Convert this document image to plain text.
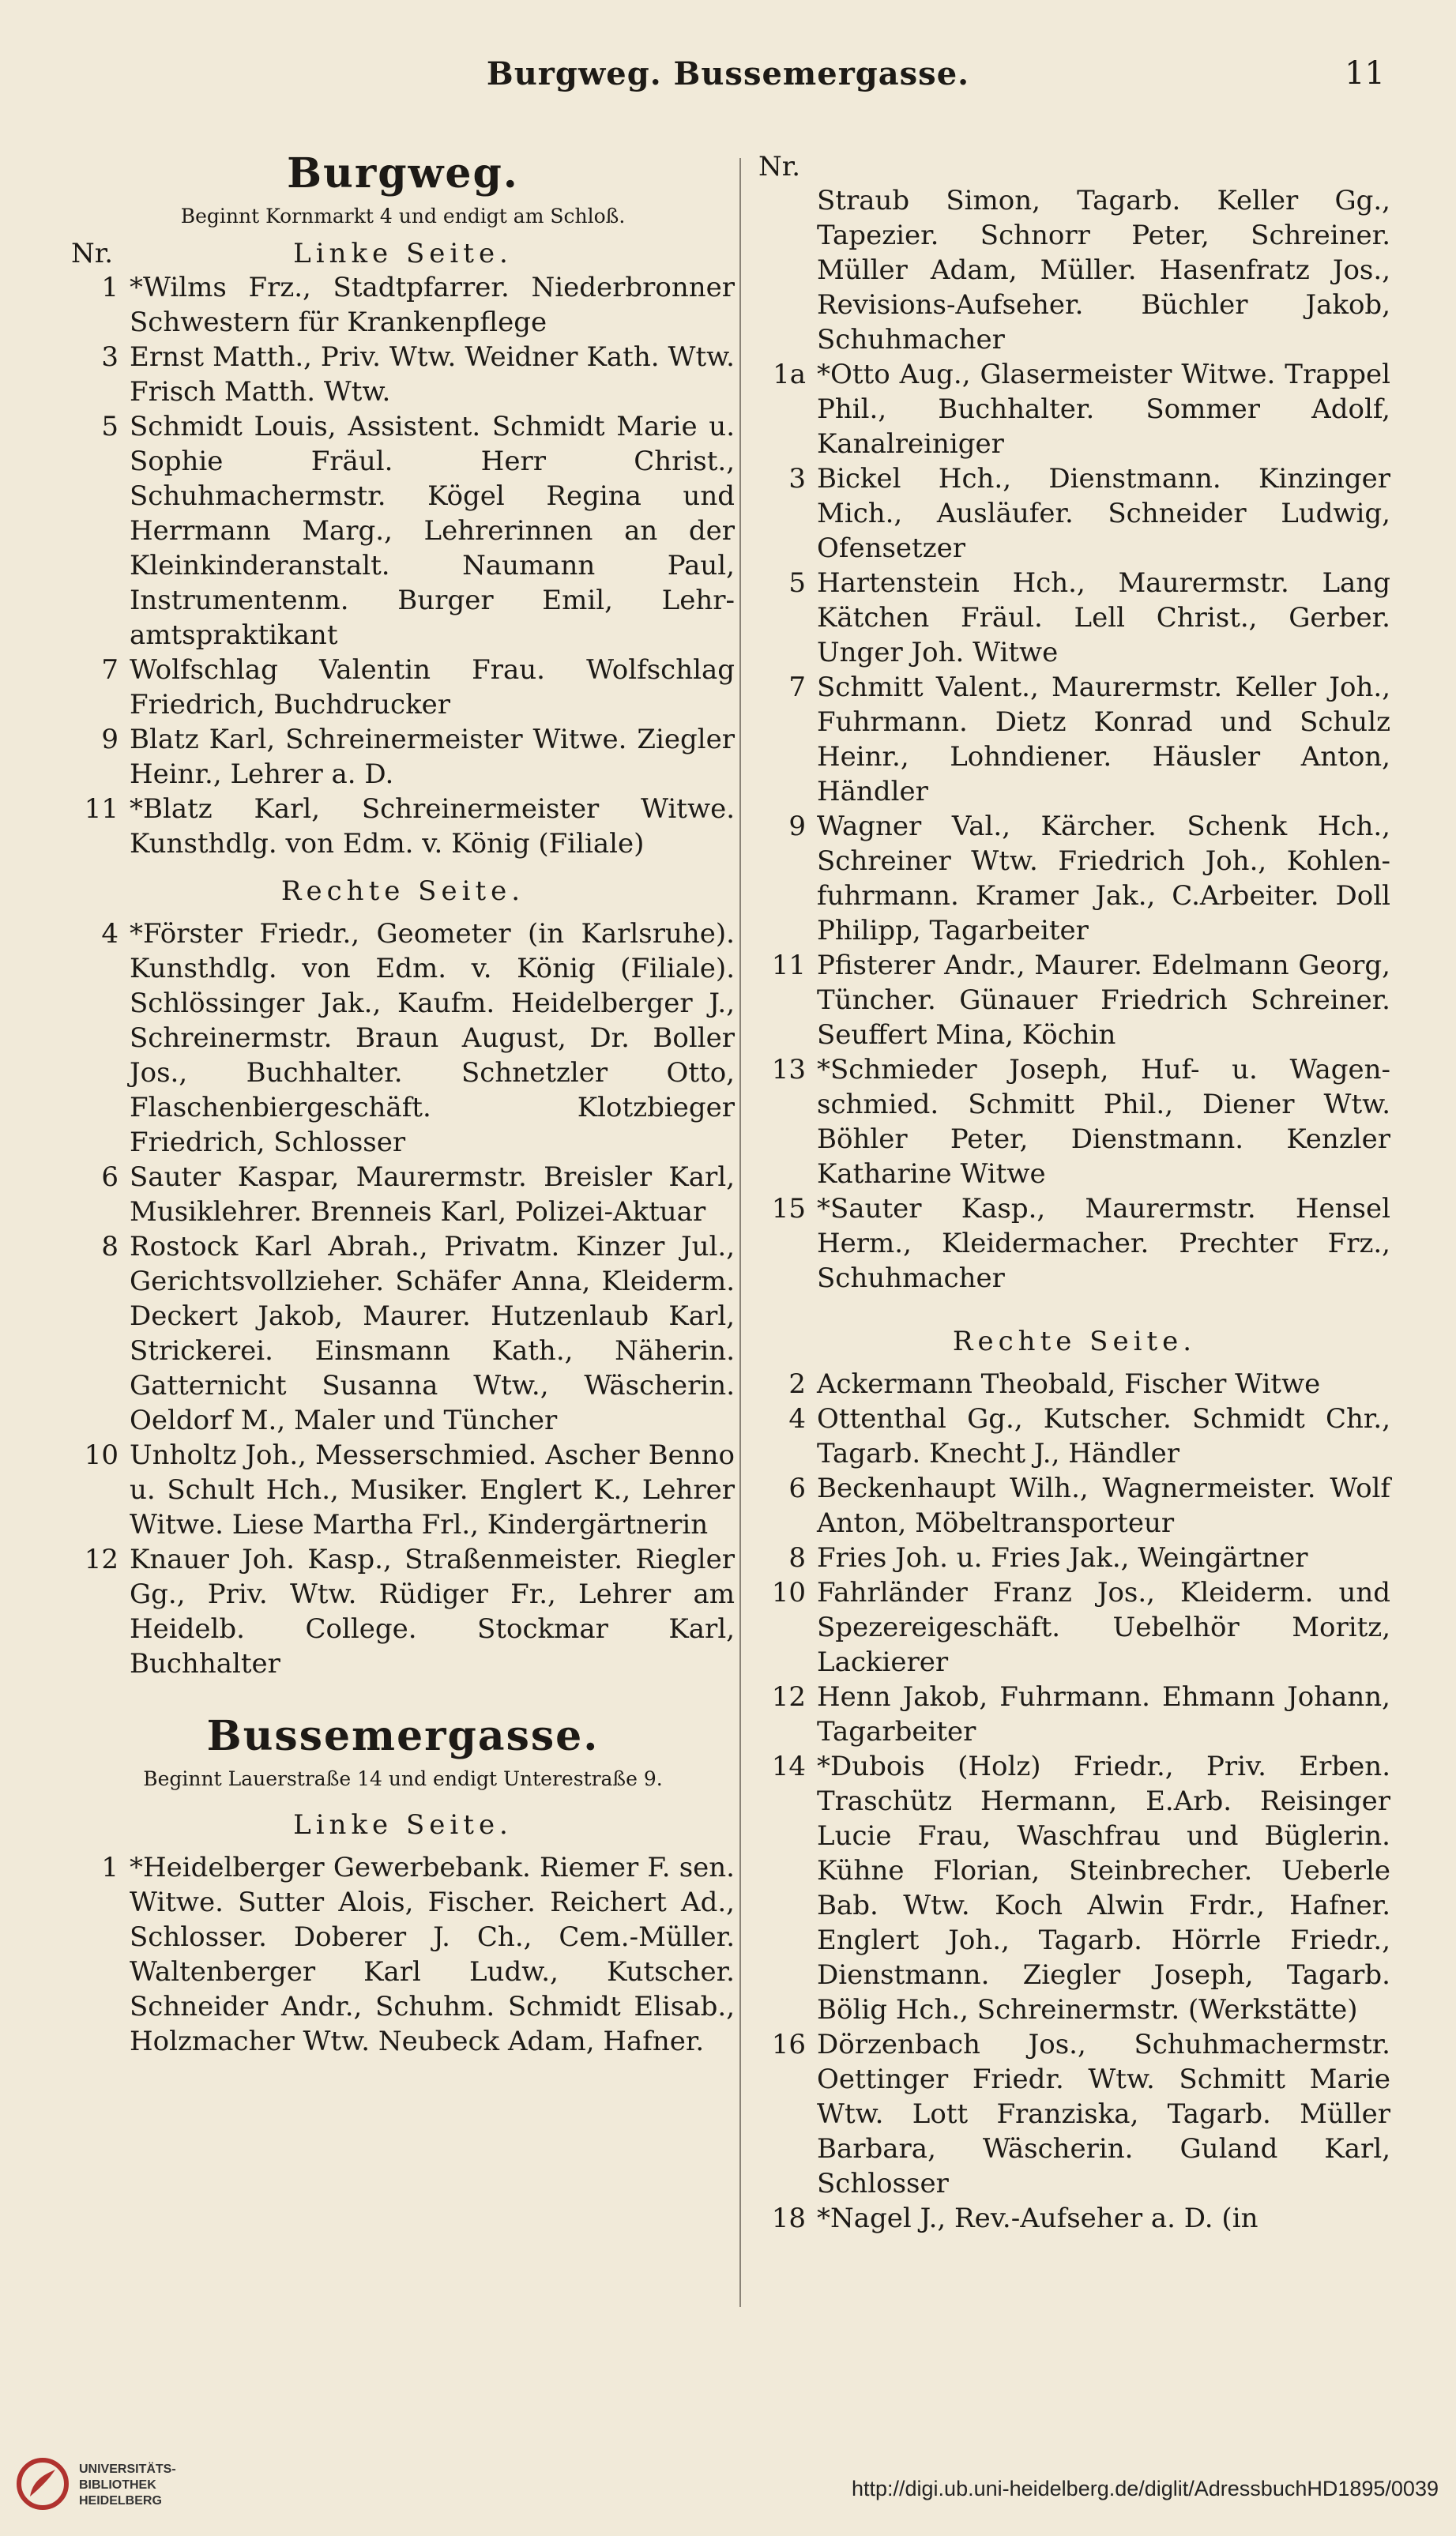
Burgweg. Bussemergasse.	11
Burgweg.
Beginnt Kornmarkt 4 und endigt am Schloß.
Nr.	Linke Seite.
1 *Wilms Frz., Stadtpfarrer. Niederbronner Schwestern für Krankenpflege
3 Ernst Matth., Priv. Wtw. Weidner Kath. Wtw. Frisch Matth. Wtw.
5 Schmidt Louis, Assistent. Schmidt Marie u. Sophie Fräul. Herr Christ., Schuhmachermstr. Kögel Regina und Herrmann Marg., Lehrerinnen an der Kleinkinderanstalt. Naumann Paul, Instrumentenm. Burger Emil, Lehramtspraktikant
7 Wolfschlag Valentin Frau. Wolfschlag Friedrich, Buchdrucker
9 Blatz Karl, Schreinermeister Witwe. Ziegler Heinr., Lehrer a. D.
11 *Blatz Karl, Schreinermeister Witwe. Kunsthdlg. von Edm. v. König (Filiale)
Rechte Seite.
4 *Förster Friedr., Geometer (in Karlsruhe). Kunsthdlg. von Edm. v. König (Filiale). Schlössinger Jak., Kaufm. Heidelberger J., Schreinermstr. Braun August, Dr. Boller Jos., Buchhalter. Schnetzler Otto, Flaschenbiergeschäft. Klotzbieger Friedrich, Schlosser
6 Sauter Kaspar, Maurermstr. Breisler Karl, Musiklehrer. Brenneis Karl, Polizei-Aktuar
8 Rostock Karl Abrah., Privatm. Kinzer Jul., Gerichtsvollzieher. Schäfer Anna, Kleiderm. Deckert Jakob, Maurer. Hutzenlaub Karl, Strickerei. Einsmann Kath., Näherin. Gatternicht Susanna Wtw., Wäscherin. Oeldorf M., Maler und Tüncher
10 Unholtz Joh., Messerschmied. Ascher Benno u. Schult Hch., Musiker. Englert K., Lehrer Witwe. Liese Martha Frl., Kindergärtnerin
12 Knauer Joh. Kasp., Straßenmeister. Riegler Gg., Priv. Wtw. Rüdiger Fr., Lehrer am Heidelb. College. Stockmar Karl, Buchhalter
Bussemergasse.
Beginnt Lauerstraße 14 und endigt Unterestraße 9.
Linke Seite.
1 *Heidelberger Gewerbebank. Riemer F. sen. Witwe. Sutter Alois, Fischer. Reichert Ad., Schlosser. Doberer J. Ch., Cem.-Müller. Waltenberger Karl Ludw., Kutscher. Schneider Andr., Schuhm. Schmidt Elisab., Holzmacher Wtw. Neubeck Adam, Hafner.
Nr.
Straub Simon, Tagarb. Keller Gg., Tapezier. Schnorr Peter, Schreiner. Müller Adam, Müller. Hasenfratz Jos., Revisions-Aufseher. Büchler Jakob, Schuhmacher
1a *Otto Aug., Glasermeister Witwe. Trappel Phil., Buchhalter. Sommer Adolf, Kanalreiniger
3 Bickel Hch., Dienstmann. Kinzinger Mich., Ausläufer. Schneider Ludwig, Ofensetzer
5 Hartenstein Hch., Maurermstr. Lang Kätchen Fräul. Lell Christ., Gerber. Unger Joh. Witwe
7 Schmitt Valent., Maurermstr. Keller Joh., Fuhrmann. Dietz Konrad und Schulz Heinr., Lohndiener. Häusler Anton, Händler
9 Wagner Val., Kärcher. Schenk Hch., Schreiner Wtw. Friedrich Joh., Kohlenfuhrmann. Kramer Jak., C.Arbeiter. Doll Philipp, Tagarbeiter
11 Pfisterer Andr., Maurer. Edelmann Georg, Tüncher. Günauer Friedrich Schreiner. Seuffert Mina, Köchin
13 *Schmieder Joseph, Huf- u. Wagenschmied. Schmitt Phil., Diener Wtw. Böhler Peter, Dienstmann. Kenzler Katharine Witwe
15 *Sauter Kasp., Maurermstr. Hensel Herm., Kleidermacher. Prechter Frz., Schuhmacher
Rechte Seite.
2 Ackermann Theobald, Fischer Witwe
4 Ottenthal Gg., Kutscher. Schmidt Chr., Tagarb. Knecht J., Händler
6 Beckenhaupt Wilh., Wagnermeister. Wolf Anton, Möbeltransporteur
8 Fries Joh. u. Fries Jak., Weingärtner
10 Fahrländer Franz Jos., Kleiderm. und Spezereigeschäft. Uebelhör Moritz, Lackierer
12 Henn Jakob, Fuhrmann. Ehmann Johann, Tagarbeiter
14 *Dubois (Holz) Friedr., Priv. Erben. Traschütz Hermann, E.Arb. Reisinger Lucie Frau, Waschfrau und Büglerin. Kühne Florian, Steinbrecher. Ueberle Bab. Wtw. Koch Alwin Frdr., Hafner. Englert Joh., Tagarb. Hörrle Friedr., Dienstmann. Ziegler Joseph, Tagarb. Bölig Hch., Schreinermstr. (Werkstätte)
16 Dörzenbach Jos., Schuhmachermstr. Oettinger Friedr. Wtw. Schmitt Marie Wtw. Lott Franziska, Tagarb. Müller Barbara, Wäscherin. Guland Karl, Schlosser
18 *Nagel J., Rev.-Aufseher a. D. (in
UNIVERSITÄTS-
BIBLIOTHEK
HEIDELBERG
http://digi.ub.uni-heidelberg.de/diglit/AdressbuchHD1895/0039
